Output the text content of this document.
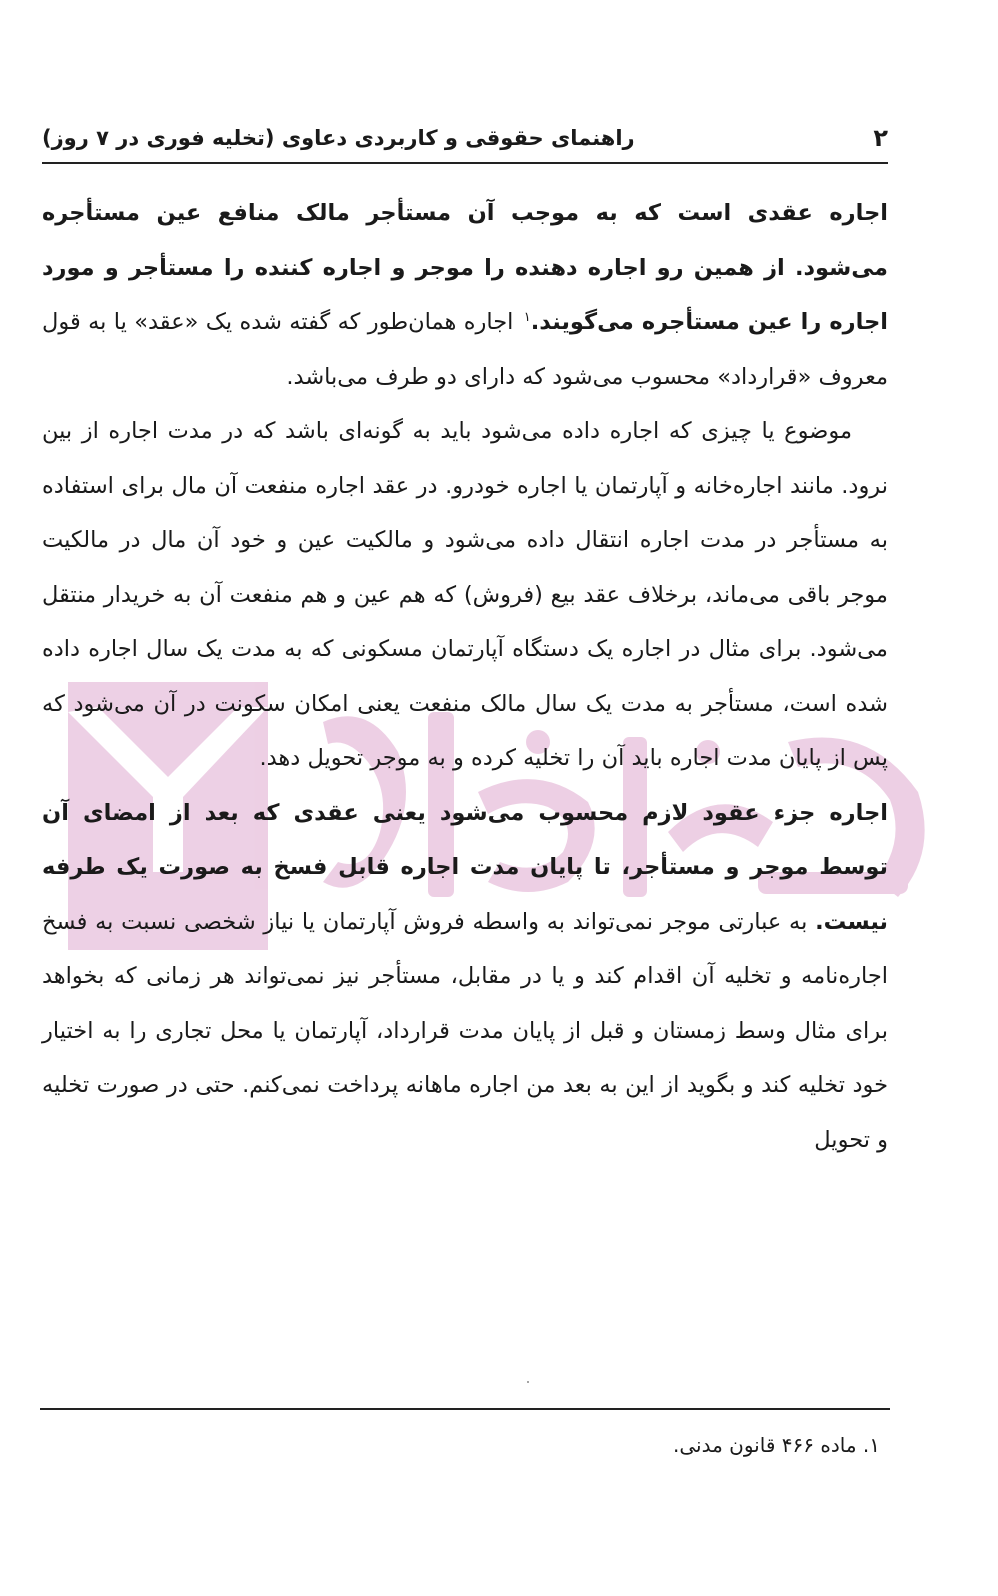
۲
راهنمای حقوقی و کاربردی دعاوی (تخلیه فوری در ۷ روز)

اجاره عقدی است که به موجب آن مستأجر مالک منافع عین مستأجره می‌شود. از همین رو اجاره دهنده را موجر و اجاره کننده را مستأجر و مورد اجاره را عین مستأجره می‌گویند.$^۱$ اجاره همان‌طور که گفته شده یک «عقد» یا به قول معروف «قرارداد» محسوب می‌شود که دارای دو طرف می‌باشد.

موضوع یا چیزی که اجاره داده می‌شود باید به گونه‌ای باشد که در مدت اجاره از بین نرود. مانند اجاره‌خانه و آپارتمان یا اجاره خودرو. در عقد اجاره منفعت آن مال برای استفاده به مستأجر در مدت اجاره انتقال داده می‌شود و مالکیت عین و خود آن مال در مالکیت موجر باقی می‌ماند، برخلاف عقد بیع (فروش) که هم عین و هم منفعت آن به خریدار منتقل می‌شود. برای مثال در اجاره یک دستگاه آپارتمان مسکونی که به مدت یک سال اجاره داده شده است، مستأجر به مدت یک سال مالک منفعت یعنی امکان سکونت در آن می‌شود که پس از پایان مدت اجاره باید آن را تخلیه کرده و به موجر تحویل دهد.

اجاره جزء عقود لازم محسوب می‌شود یعنی عقدی که بعد از امضای آن توسط موجر و مستأجر، تا پایان مدت اجاره قابل فسخ به صورت یک طرفه نیست. به عبارتی موجر نمی‌تواند به واسطه فروش آپارتمان یا نیاز شخصی نسبت به فسخ اجاره‌نامه و تخلیه آن اقدام کند و یا در مقابل، مستأجر نیز نمی‌تواند هر زمانی که بخواهد برای مثال وسط زمستان و قبل از پایان مدت قرارداد، آپارتمان یا محل تجاری را به اختیار خود تخلیه کند و بگوید از این به بعد من اجاره ماهانه پرداخت نمی‌کنم. حتی در صورت تخلیه و تحویل

۱. ماده ۴۶۶ قانون مدنی.
